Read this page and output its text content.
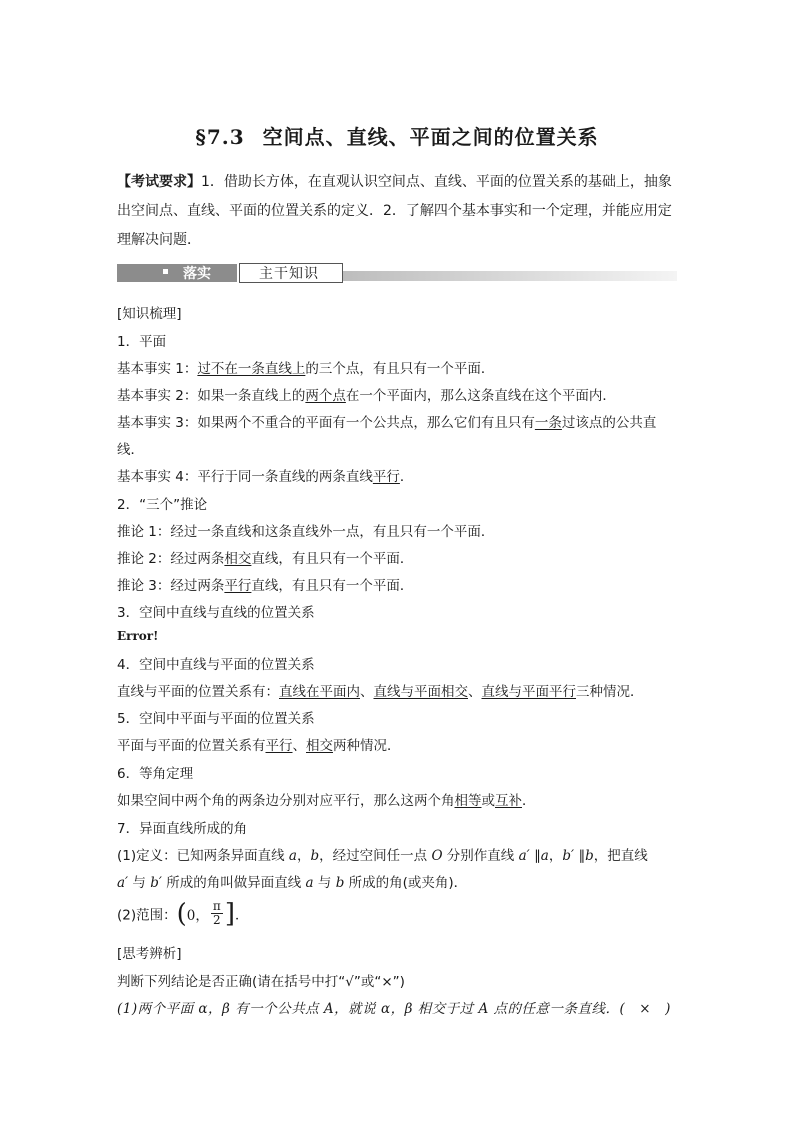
§7.3 空间点、直线、平面之间的位置关系
【考试要求】1．借助长方体，在直观认识空间点、直线、平面的位置关系的基础上，抽象出空间点、直线、平面的位置关系的定义．2．了解四个基本事实和一个定理，并能应用定理解决问题．
落实	主干知识
[知识梳理]
1．平面
基本事实 1：过不在一条直线上的三个点，有且只有一个平面．
基本事实 2：如果一条直线上的两个点在一个平面内，那么这条直线在这个平面内．
基本事实 3：如果两个不重合的平面有一个公共点，那么它们有且只有一条过该点的公共直
线．
基本事实 4：平行于同一条直线的两条直线平行．
2．“三个”推论
推论 1：经过一条直线和这条直线外一点，有且只有一个平面．
推论 2：经过两条相交直线，有且只有一个平面．
推论 3：经过两条平行直线，有且只有一个平面．
3．空间中直线与直线的位置关系
Error!
4．空间中直线与平面的位置关系
直线与平面的位置关系有：直线在平面内、直线与平面相交、直线与平面平行三种情况．
5．空间中平面与平面的位置关系
平面与平面的位置关系有平行、相交两种情况．
6．等角定理
如果空间中两个角的两条边分别对应平行，那么这两个角相等或互补．
7．异面直线所成的角
(1)定义：已知两条异面直线 a，b，经过空间任一点 O 分别作直线 a′ ∥a，b′ ∥b，把直线
a′ 与 b′ 所成的角叫做异面直线 a 与 b 所成的角(或夹角)．
(2)范围： ( 0， $\frac{\pi}{2}$ ] ．
[思考辨析]
判断下列结论是否正确(请在括号中打“√”或“×”)
(1)两个平面 α，β 有一个公共点 A，就说 α，β 相交于过 A 点的任意一条直线．(　×　)
